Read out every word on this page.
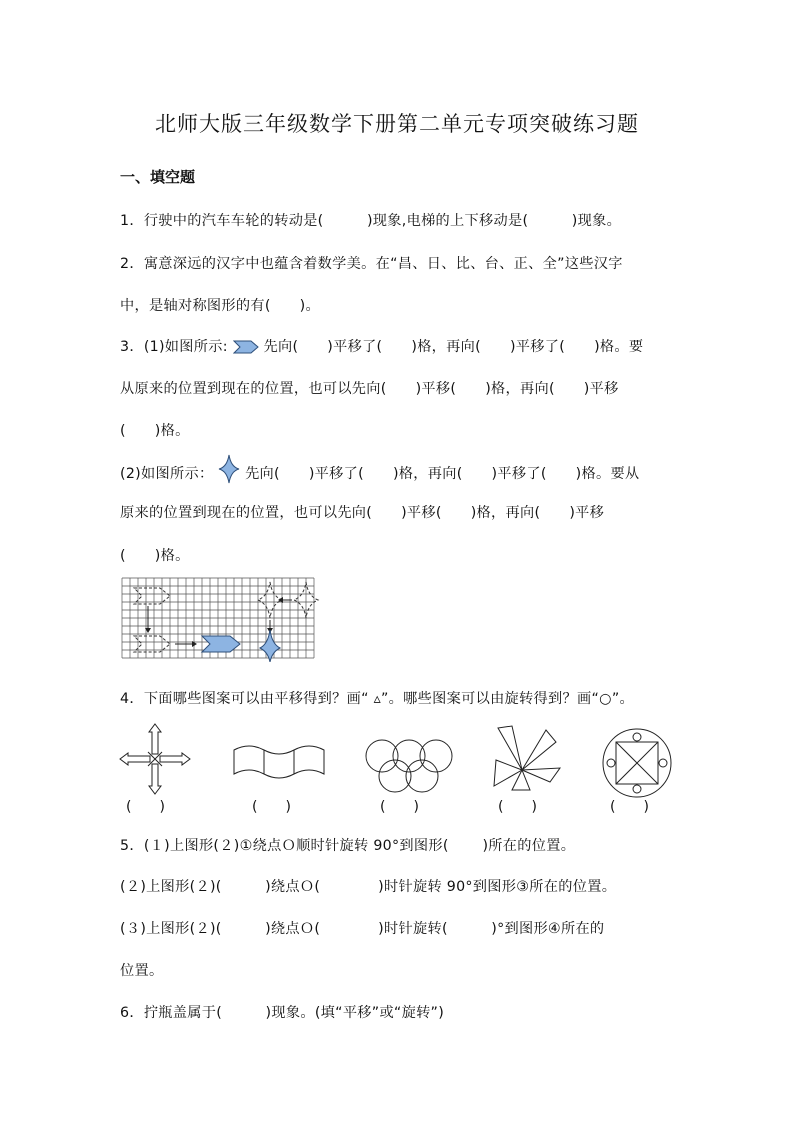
北师大版三年级数学下册第二单元专项突破练习题
一、填空题
1．行驶中的汽车车轮的转动是(　　　)现象,电梯的上下移动是(　　　)现象。
2．寓意深远的汉字中也蕴含着数学美。在“昌、日、比、台、正、全”这些汉字
中，是轴对称图形的有(　　)。
3．(1)如图所示:	先向(　　)平移了(　　)格，再向(　　)平移了(　　)格。要
从原来的位置到现在的位置，也可以先向(　　)平移(　　)格，再向(　　)平移
(　　)格。
(2)如图所示： 先向(　　)平移了(　　)格，再向(　　)平移了(　　)格。要从
原来的位置到现在的位置，也可以先向(　　)平移(　　)格，再向(　　)平移
(　　)格。
4．下面哪些图案可以由平移得到？画“ ▵”。哪些图案可以由旋转得到？画“○”。
(　　)	(　　)	(　　)	(　　)	(　　)
5．(１)上图形(２)①绕点Ｏ顺时针旋转 90°到图形(　　 )所在的位置。
(２)上图形(２)(　　　)绕点Ｏ(　　　　)时针旋转 90°到图形③所在的位置。
(３)上图形(２)(　　　)绕点Ｏ(　　　　)时针旋转(　　　)°到图形④所在的
位置。
6．拧瓶盖属于(　　　)现象。(填“平移”或“旋转”)
